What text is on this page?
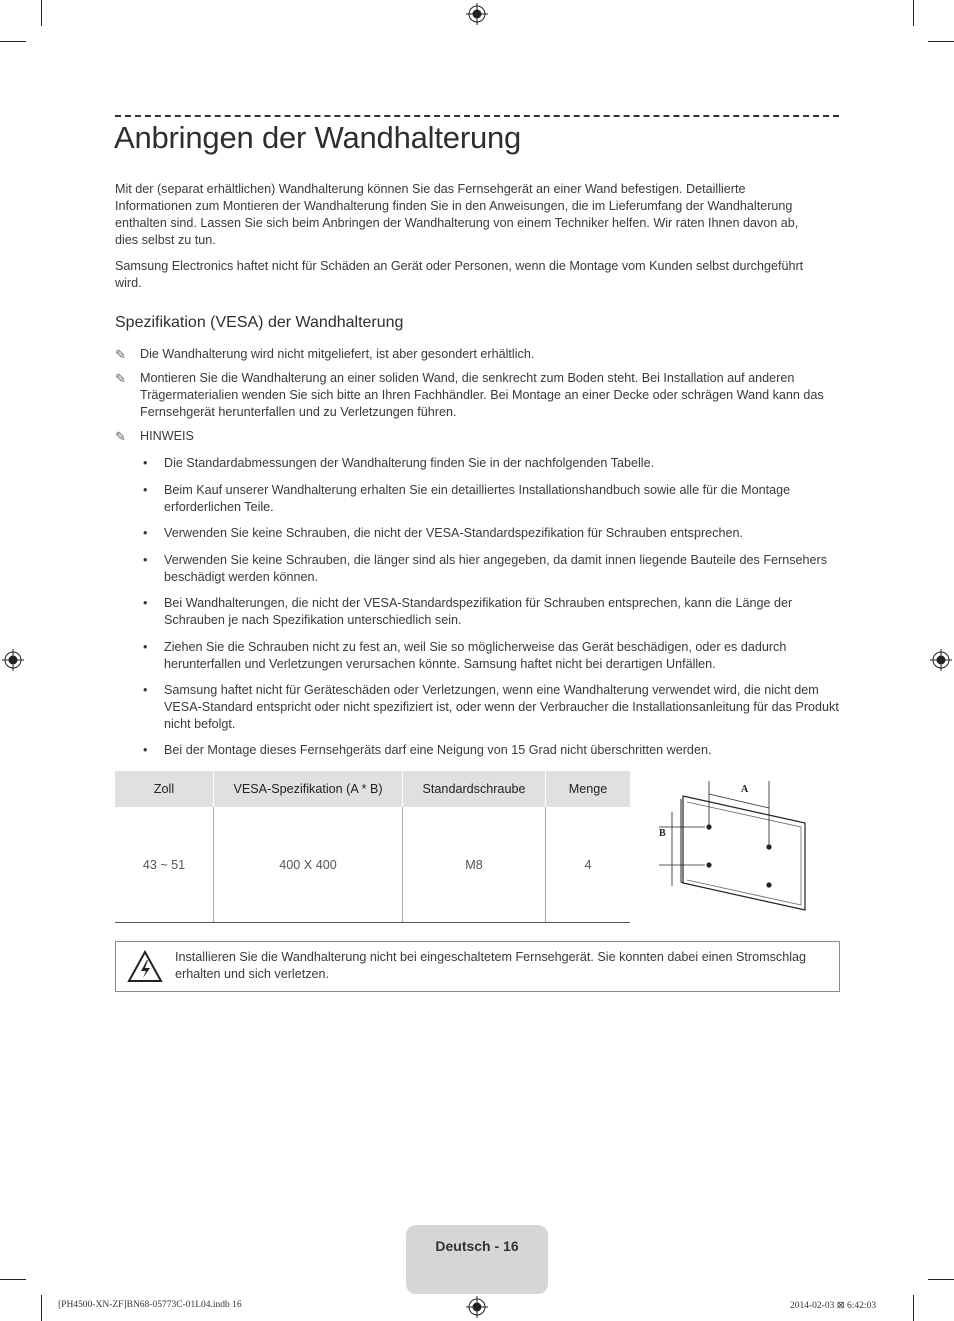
Anbringen der Wandhalterung

Mit der (separat erhältlichen) Wandhalterung können Sie das Fernsehgerät an einer Wand befestigen. Detaillierte Informationen zum Montieren der Wandhalterung finden Sie in den Anweisungen, die im Lieferumfang der Wandhalterung enthalten sind. Lassen Sie sich beim Anbringen der Wandhalterung von einem Techniker helfen. Wir raten Ihnen davon ab, dies selbst zu tun.

Samsung Electronics haftet nicht für Schäden an Gerät oder Personen, wenn die Montage vom Kunden selbst durchgeführt wird.

Spezifikation (VESA) der Wandhalterung
✎	Die Wandhalterung wird nicht mitgeliefert, ist aber gesondert erhältlich.
✎	Montieren Sie die Wandhalterung an einer soliden Wand, die senkrecht zum Boden steht. Bei Installation auf anderen Trägermaterialien wenden Sie sich bitte an Ihren Fachhändler. Bei Montage an einer Decke oder schrägen Wand kann das Fernsehgerät herunterfallen und zu Verletzungen führen.
✎	HINWEIS
• Die Standardabmessungen der Wandhalterung finden Sie in der nachfolgenden Tabelle.
• Beim Kauf unserer Wandhalterung erhalten Sie ein detailliertes Installationshandbuch sowie alle für die Montage erforderlichen Teile.
• Verwenden Sie keine Schrauben, die nicht der VESA-Standardspezifikation für Schrauben entsprechen.
• Verwenden Sie keine Schrauben, die länger sind als hier angegeben, da damit innen liegende Bauteile des Fernsehers beschädigt werden können.
• Bei Wandhalterungen, die nicht der VESA-Standardspezifikation für Schrauben entsprechen, kann die Länge der Schrauben je nach Spezifikation unterschiedlich sein.
• Ziehen Sie die Schrauben nicht zu fest an, weil Sie so möglicherweise das Gerät beschädigen, oder es dadurch herunterfallen und Verletzungen verursachen könnte. Samsung haftet nicht bei derartigen Unfällen.
• Samsung haftet nicht für Geräteschäden oder Verletzungen, wenn eine Wandhalterung verwendet wird, die nicht dem VESA-Standard entspricht oder nicht spezifiziert ist, oder wenn der Verbraucher die Installationsanleitung für das Produkt nicht befolgt.
• Bei der Montage dieses Fernsehgeräts darf eine Neigung von 15 Grad nicht überschritten werden.
Zoll	VESA-Spezifikation (A * B)	Standardschraube	Menge
43 ~ 51	400 X 400	M8	4
A
B
Installieren Sie die Wandhalterung nicht bei eingeschaltetem Fernsehgerät. Sie konnten dabei einen Stromschlag erhalten und sich verletzen.
Deutsch - 16
[PH4500-XN-ZF]BN68-05773C-01L04.indb 16	2014-02-03 ⊠ 6:42:03
